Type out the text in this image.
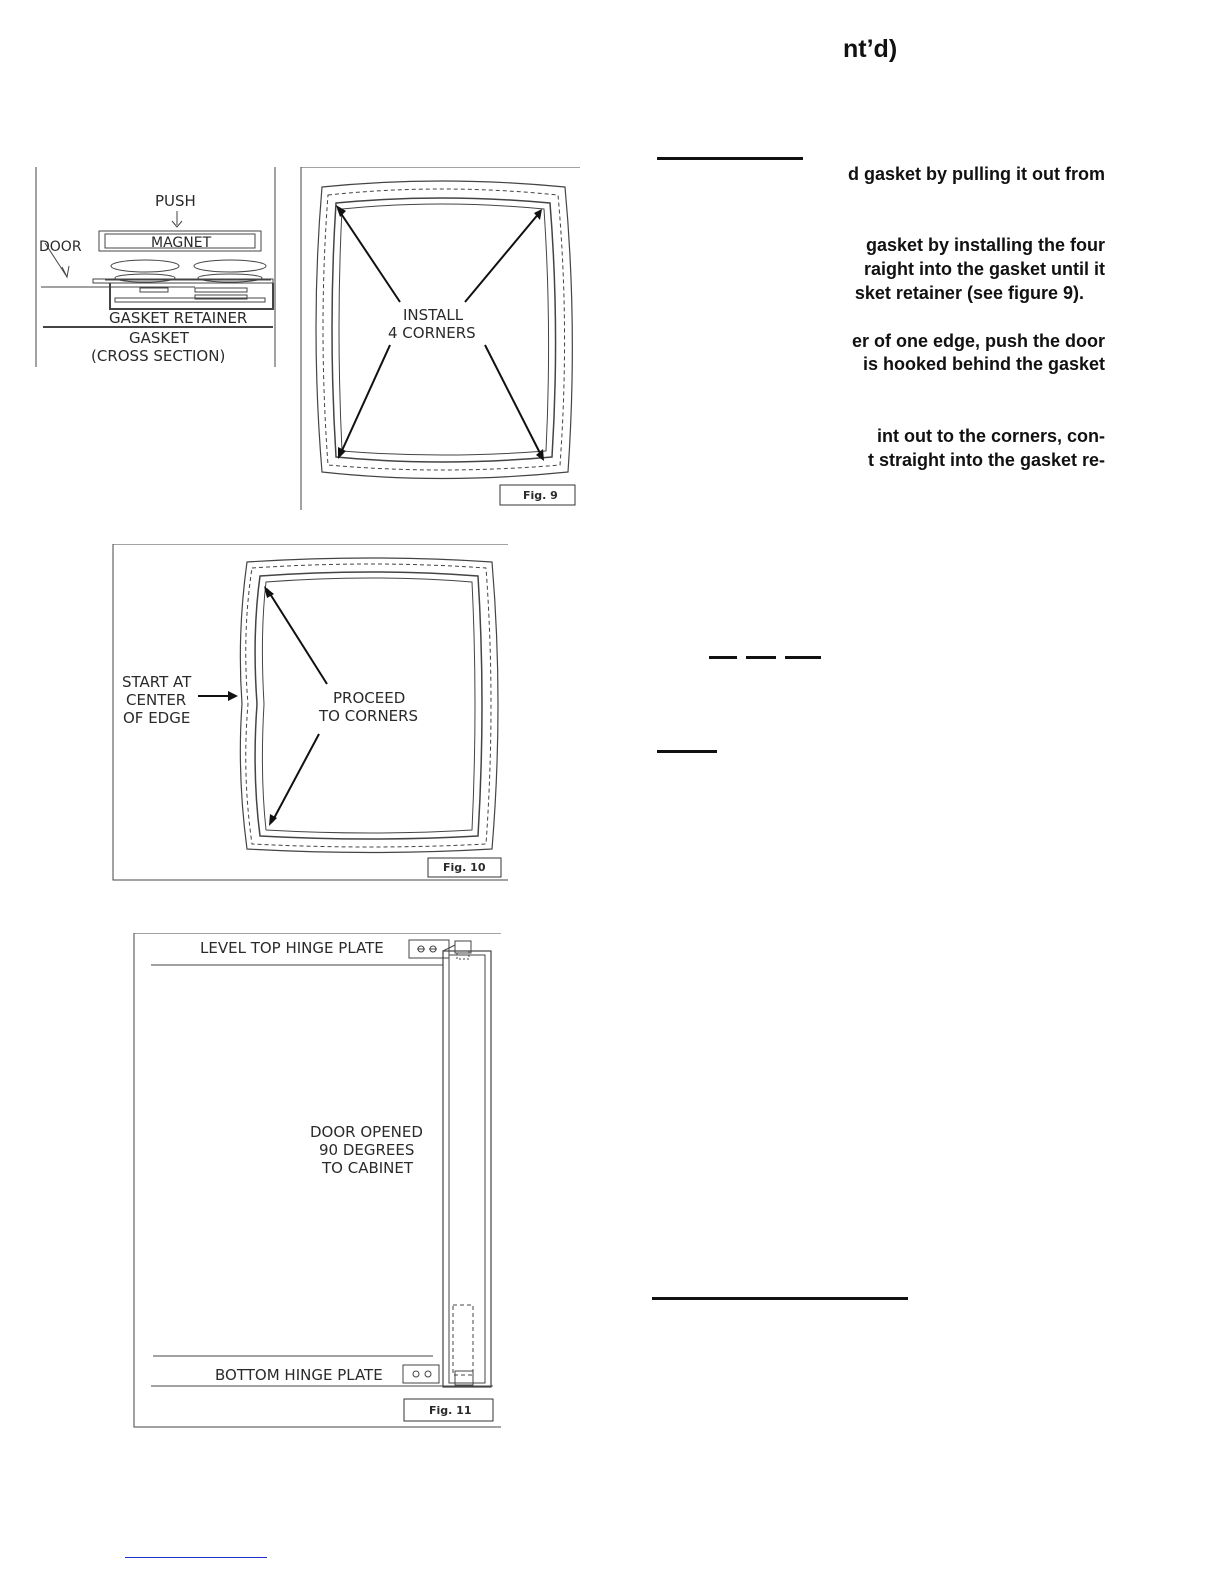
nt’d)
d gasket by pulling it out from
gasket by installing the four
raight into the gasket until it
sket retainer (see figure 9).
er of one edge, push the door
is hooked behind the gasket
int out to the corners, con-
t straight into the gasket re-
PUSH
MAGNET
DOOR
GASKET RETAINER
GASKET
(CROSS SECTION)
INSTALL
4 CORNERS
Fig. 9
START AT
CENTER
OF EDGE
PROCEED
TO CORNERS
Fig. 10
LEVEL TOP HINGE PLATE
DOOR OPENED
90 DEGREES
TO CABINET
BOTTOM HINGE PLATE
Fig. 11
